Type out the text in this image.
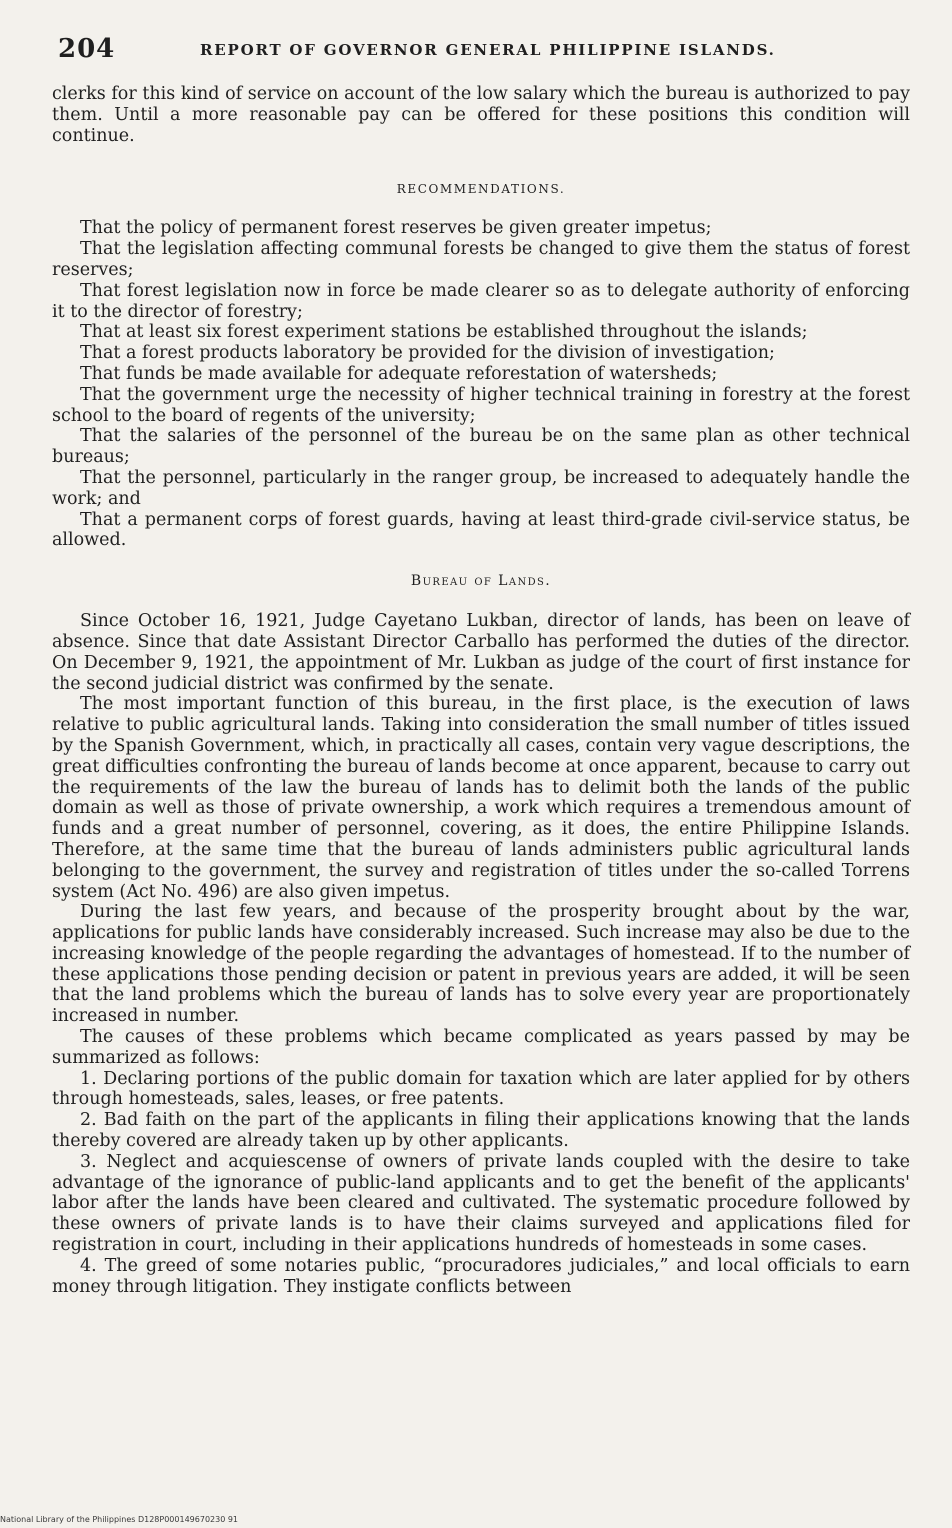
204	REPORT OF GOVERNOR GENERAL PHILIPPINE ISLANDS.

clerks for this kind of service on account of the low salary which the bureau is authorized to pay them. Until a more reasonable pay can be offered for these positions this condition will continue.

RECOMMENDATIONS.

That the policy of permanent forest reserves be given greater impetus;

That the legislation affecting communal forests be changed to give them the status of forest reserves;

That forest legislation now in force be made clearer so as to delegate authority of enforcing it to the director of forestry;

That at least six forest experiment stations be established throughout the islands;

That a forest products laboratory be provided for the division of investigation;

That funds be made available for adequate reforestation of watersheds;

That the government urge the necessity of higher technical training in forestry at the forest school to the board of regents of the university;

That the salaries of the personnel of the bureau be on the same plan as other technical bureaus;

That the personnel, particularly in the ranger group, be increased to adequately handle the work; and

That a permanent corps of forest guards, having at least third-grade civil-service status, be allowed.

Bureau of Lands.

Since October 16, 1921, Judge Cayetano Lukban, director of lands, has been on leave of absence. Since that date Assistant Director Carballo has performed the duties of the director. On December 9, 1921, the appointment of Mr. Lukban as judge of the court of first instance for the second judicial district was confirmed by the senate.

The most important function of this bureau, in the first place, is the execution of laws relative to public agricultural lands. Taking into consideration the small number of titles issued by the Spanish Government, which, in practically all cases, contain very vague descriptions, the great difficulties confronting the bureau of lands become at once apparent, because to carry out the requirements of the law the bureau of lands has to delimit both the lands of the public domain as well as those of private ownership, a work which requires a tremendous amount of funds and a great number of personnel, covering, as it does, the entire Philippine Islands. Therefore, at the same time that the bureau of lands administers public agricultural lands belonging to the government, the survey and registration of titles under the so-called Torrens system (Act No. 496) are also given impetus.

During the last few years, and because of the prosperity brought about by the war, applications for public lands have considerably increased. Such increase may also be due to the increasing knowledge of the people regarding the advantages of homestead. If to the number of these applications those pending decision or patent in previous years are added, it will be seen that the land problems which the bureau of lands has to solve every year are proportionately increased in number.

The causes of these problems which became complicated as years passed by may be summarized as follows:

1. Declaring portions of the public domain for taxation which are later applied for by others through homesteads, sales, leases, or free patents.

2. Bad faith on the part of the applicants in filing their applications knowing that the lands thereby covered are already taken up by other applicants.

3. Neglect and acquiescense of owners of private lands coupled with the desire to take advantage of the ignorance of public-land applicants and to get the benefit of the applicants' labor after the lands have been cleared and cultivated. The systematic procedure followed by these owners of private lands is to have their claims surveyed and applications filed for registration in court, including in their applications hundreds of homesteads in some cases.

4. The greed of some notaries public, “procuradores judiciales,” and local officials to earn money through litigation. They instigate conflicts between

National Library of the Philippines D128P000149670230 91
